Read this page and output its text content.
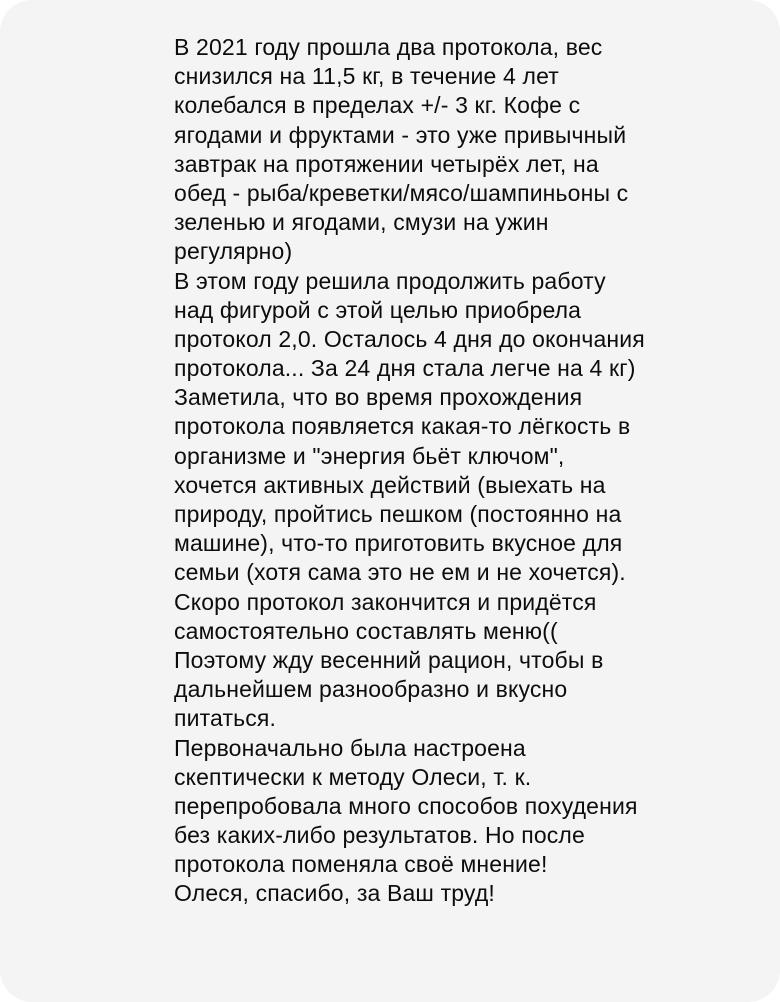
В 2021 году прошла два протокола, вес
снизился на 11,5 кг, в течение 4 лет
колебался в пределах +/- 3 кг. Кофе с
ягодами и фруктами - это уже привычный
завтрак на протяжении четырёх лет, на
обед - рыба/креветки/мясо/шампиньоны с
зеленью и ягодами, смузи на ужин
регулярно)
В этом году решила продолжить работу
над фигурой с этой целью приобрела
протокол 2,0. Осталось 4 дня до окончания
протокола... За 24 дня стала легче на 4 кг)
Заметила, что во время прохождения
протокола появляется какая-то лёгкость в
организме и "энергия бьёт ключом",
хочется активных действий (выехать на
природу, пройтись пешком (постоянно на
машине), что-то приготовить вкусное для
семьи (хотя сама это не ем и не хочется).
Скоро протокол закончится и придётся
самостоятельно составлять меню((
Поэтому жду весенний рацион, чтобы в
дальнейшем разнообразно и вкусно
питаться.
Первоначально была настроена
скептически к методу Олеси, т. к.
перепробовала много способов похудения
без каких-либо результатов. Но после
протокола поменяла своё мнение!
Олеся, спасибо, за Ваш труд!
